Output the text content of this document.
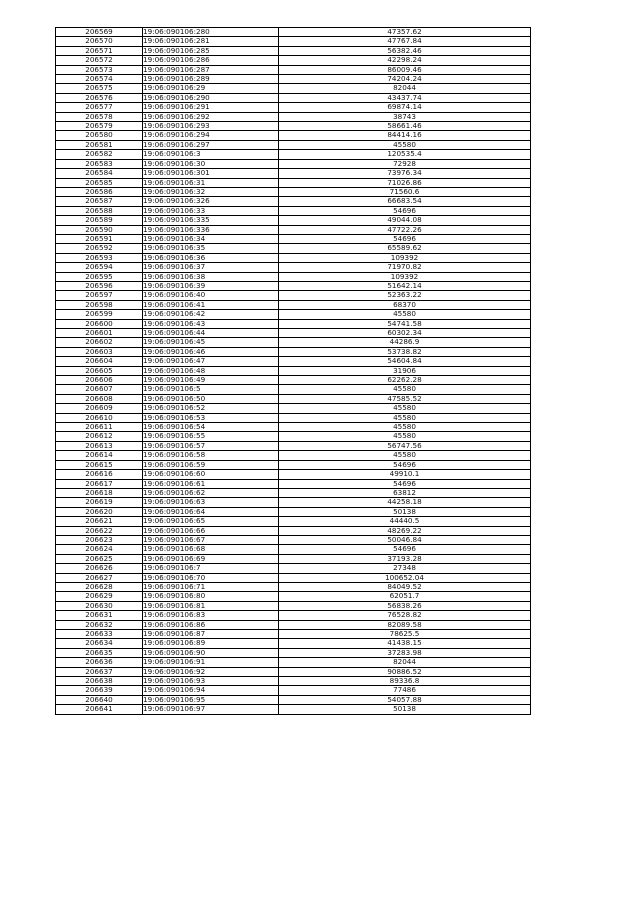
206569	19:06:090106:280	47357.62
206570	19:06:090106:281	47767.84
206571	19:06:090106:285	56382.46
206572	19:06:090106:286	42298.24
206573	19:06:090106:287	86009.46
206574	19:06:090106:289	74204.24
206575	19:06:090106:29	82044
206576	19:06:090106:290	43437.74
206577	19:06:090106:291	69874.14
206578	19:06:090106:292	38743
206579	19:06:090106:293	58661.46
206580	19:06:090106:294	84414.16
206581	19:06:090106:297	45580
206582	19:06:090106:3	120535.4
206583	19:06:090106:30	72928
206584	19:06:090106:301	73976.34
206585	19:06:090106:31	71026.86
206586	19:06:090106:32	71560.6
206587	19:06:090106:326	66683.54
206588	19:06:090106:33	54696
206589	19:06:090106:335	49044.08
206590	19:06:090106:336	47722.26
206591	19:06:090106:34	54696
206592	19:06:090106:35	65589.62
206593	19:06:090106:36	109392
206594	19:06:090106:37	71970.82
206595	19:06:090106:38	109392
206596	19:06:090106:39	51642.14
206597	19:06:090106:40	52363.22
206598	19:06:090106:41	68370
206599	19:06:090106:42	45580
206600	19:06:090106:43	54741.58
206601	19:06:090106:44	60302.34
206602	19:06:090106:45	44286.9
206603	19:06:090106:46	53738.82
206604	19:06:090106:47	54604.84
206605	19:06:090106:48	31906
206606	19:06:090106:49	62262.28
206607	19:06:090106:5	45580
206608	19:06:090106:50	47585.52
206609	19:06:090106:52	45580
206610	19:06:090106:53	45580
206611	19:06:090106:54	45580
206612	19:06:090106:55	45580
206613	19:06:090106:57	56747.56
206614	19:06:090106:58	45580
206615	19:06:090106:59	54696
206616	19:06:090106:60	49910.1
206617	19:06:090106:61	54696
206618	19:06:090106:62	63812
206619	19:06:090106:63	44258.18
206620	19:06:090106:64	50138
206621	19:06:090106:65	44440.5
206622	19:06:090106:66	48269.22
206623	19:06:090106:67	50046.84
206624	19:06:090106:68	54696
206625	19:06:090106:69	37193.28
206626	19:06:090106:7	27348
206627	19:06:090106:70	100652.04
206628	19:06:090106:71	84049.52
206629	19:06:090106:80	62051.7
206630	19:06:090106:81	56838.26
206631	19:06:090106:83	76528.82
206632	19:06:090106:86	82089.58
206633	19:06:090106:87	78625.5
206634	19:06:090106:89	41438.15
206635	19:06:090106:90	37283.98
206636	19:06:090106:91	82044
206637	19:06:090106:92	90886.52
206638	19:06:090106:93	89336.8
206639	19:06:090106:94	77486
206640	19:06:090106:95	54057.88
206641	19:06:090106:97	50138
